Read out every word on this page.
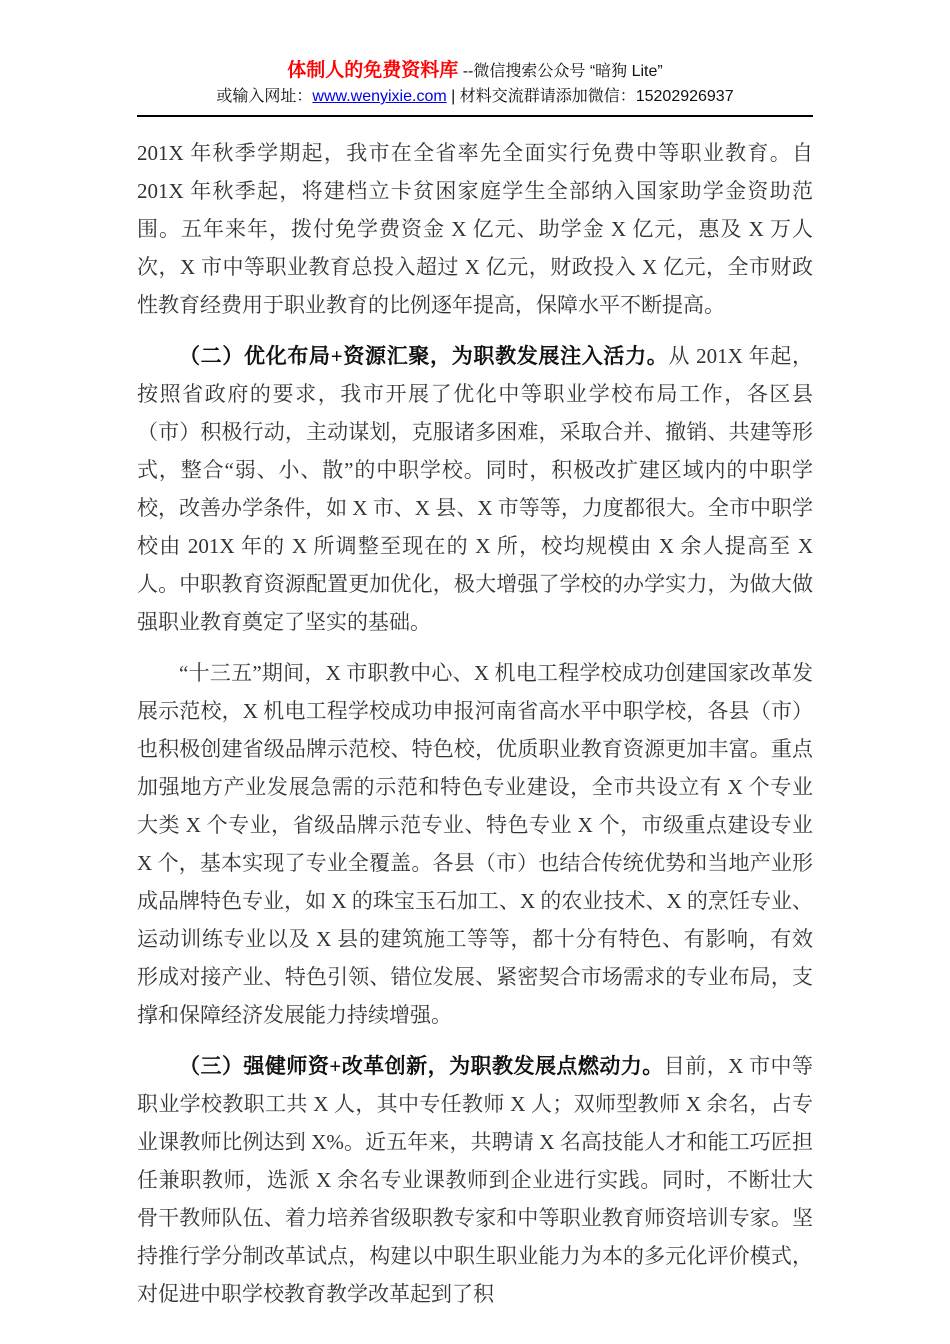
体制人的免费资料库 --微信搜索公众号 “暗狗 Lite”
或输入网址：www.wenyixie.com | 材料交流群请添加微信：15202926937

201X 年秋季学期起，我市在全省率先全面实行免费中等职业教育。自 201X 年秋季起，将建档立卡贫困家庭学生全部纳入国家助学金资助范围。五年来年，拨付免学费资金 X 亿元、助学金 X 亿元，惠及 X 万人次，X 市中等职业教育总投入超过 X 亿元，财政投入 X 亿元，全市财政性教育经费用于职业教育的比例逐年提高，保障水平不断提高。

（二）优化布局+资源汇聚，为职教发展注入活力。从 201X 年起，按照省政府的要求，我市开展了优化中等职业学校布局工作，各区县（市）积极行动，主动谋划，克服诸多困难，采取合并、撤销、共建等形式，整合“弱、小、散”的中职学校。同时，积极改扩建区域内的中职学校，改善办学条件，如 X 市、X 县、X 市等等，力度都很大。全市中职学校由 201X 年的 X 所调整至现在的 X 所，校均规模由 X 余人提高至 X 人。中职教育资源配置更加优化，极大增强了学校的办学实力，为做大做强职业教育奠定了坚实的基础。

“十三五”期间，X 市职教中心、X 机电工程学校成功创建国家改革发展示范校，X 机电工程学校成功申报河南省高水平中职学校，各县（市）也积极创建省级品牌示范校、特色校，优质职业教育资源更加丰富。重点加强地方产业发展急需的示范和特色专业建设，全市共设立有 X 个专业大类 X 个专业，省级品牌示范专业、特色专业 X 个，市级重点建设专业 X 个，基本实现了专业全覆盖。各县（市）也结合传统优势和当地产业形成品牌特色专业，如 X 的珠宝玉石加工、X 的农业技术、X 的烹饪专业、运动训练专业以及 X 县的建筑施工等等，都十分有特色、有影响，有效形成对接产业、特色引领、错位发展、紧密契合市场需求的专业布局，支撑和保障经济发展能力持续增强。

（三）强健师资+改革创新，为职教发展点燃动力。目前，X 市中等职业学校教职工共 X 人，其中专任教师 X 人；双师型教师 X 余名，占专业课教师比例达到 X%。近五年来，共聘请 X 名高技能人才和能工巧匠担任兼职教师，选派 X 余名专业课教师到企业进行实践。同时，不断壮大骨干教师队伍、着力培养省级职教专家和中等职业教育师资培训专家。坚持推行学分制改革试点，构建以中职生职业能力为本的多元化评价模式，对促进中职学校教育教学改革起到了积
